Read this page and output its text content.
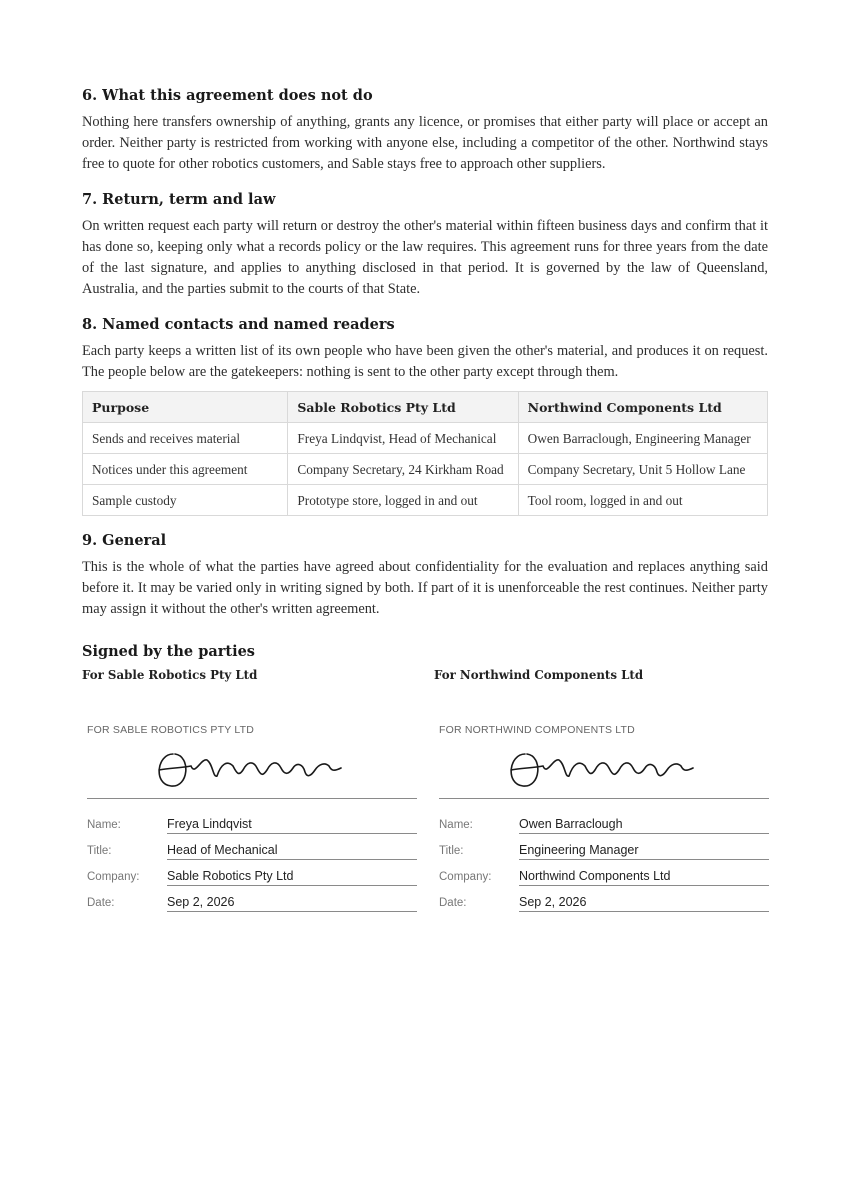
6. What this agreement does not do

Nothing here transfers ownership of anything, grants any licence, or promises that either party will place or accept an order. Neither party is restricted from working with anyone else, including a competitor of the other. Northwind stays free to quote for other robotics customers, and Sable stays free to approach other suppliers.

7. Return, term and law

On written request each party will return or destroy the other's material within fifteen business days and confirm that it has done so, keeping only what a records policy or the law requires. This agreement runs for three years from the date of the last signature, and applies to anything disclosed in that period. It is governed by the law of Queensland, Australia, and the parties submit to the courts of that State.

8. Named contacts and named readers

Each party keeps a written list of its own people who have been given the other's material, and produces it on request. The people below are the gatekeepers: nothing is sent to the other party except through them.

Purpose	Sable Robotics Pty Ltd	Northwind Components Ltd
Sends and receives material	Freya Lindqvist, Head of Mechanical	Owen Barraclough, Engineering Manager
Notices under this agreement	Company Secretary, 24 Kirkham Road	Company Secretary, Unit 5 Hollow Lane
Sample custody	Prototype store, logged in and out	Tool room, logged in and out
9. General

This is the whole of what the parties have agreed about confidentiality for the evaluation and replaces anything said before it. It may be varied only in writing signed by both. If part of it is unenforceable the rest continues. Neither party may assign it without the other's written agreement.

Signed by the parties
For Sable Robotics Pty Ltd
FOR SABLE ROBOTICS PTY LTD
Name:	Freya Lindqvist
Title:	Head of Mechanical
Company:	Sable Robotics Pty Ltd
Date:	Sep 2, 2026
For Northwind Components Ltd
FOR NORTHWIND COMPONENTS LTD
Name:	Owen Barraclough
Title:	Engineering Manager
Company:	Northwind Components Ltd
Date:	Sep 2, 2026
